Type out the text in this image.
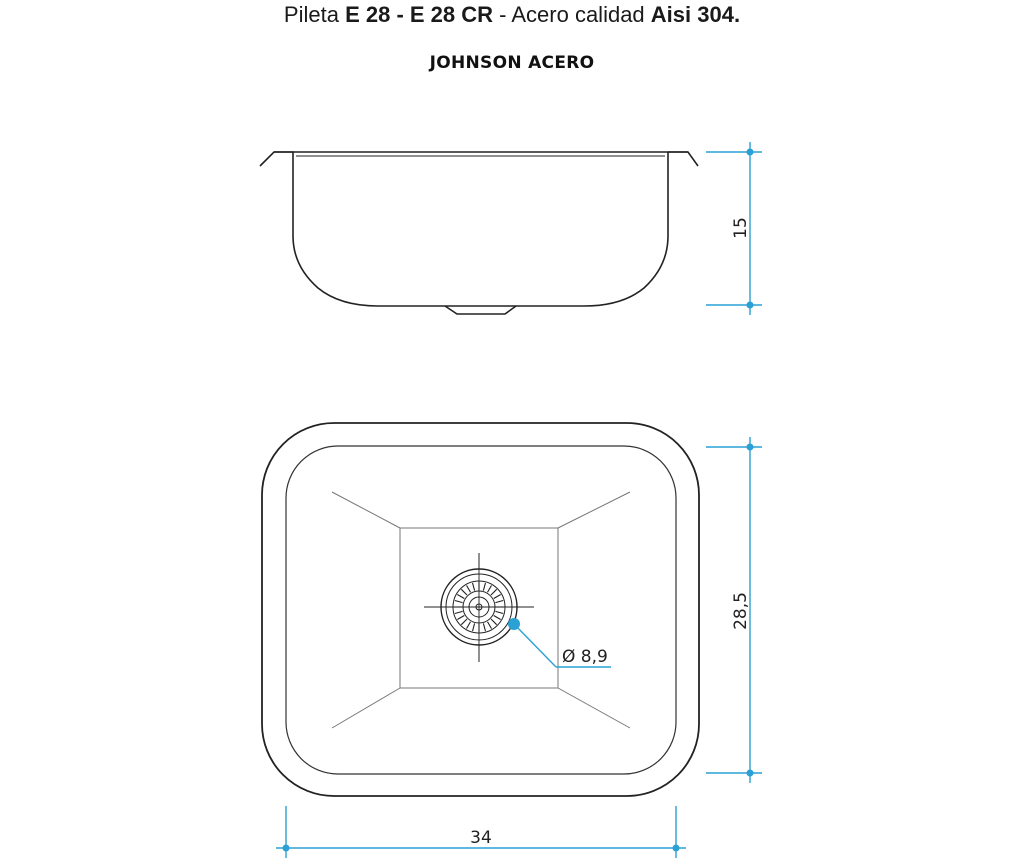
Pileta E 28 - E 28 CR - Acero calidad Aisi 304.
JOHNSON ACERO
15
Ø 8,9
28,5
34
